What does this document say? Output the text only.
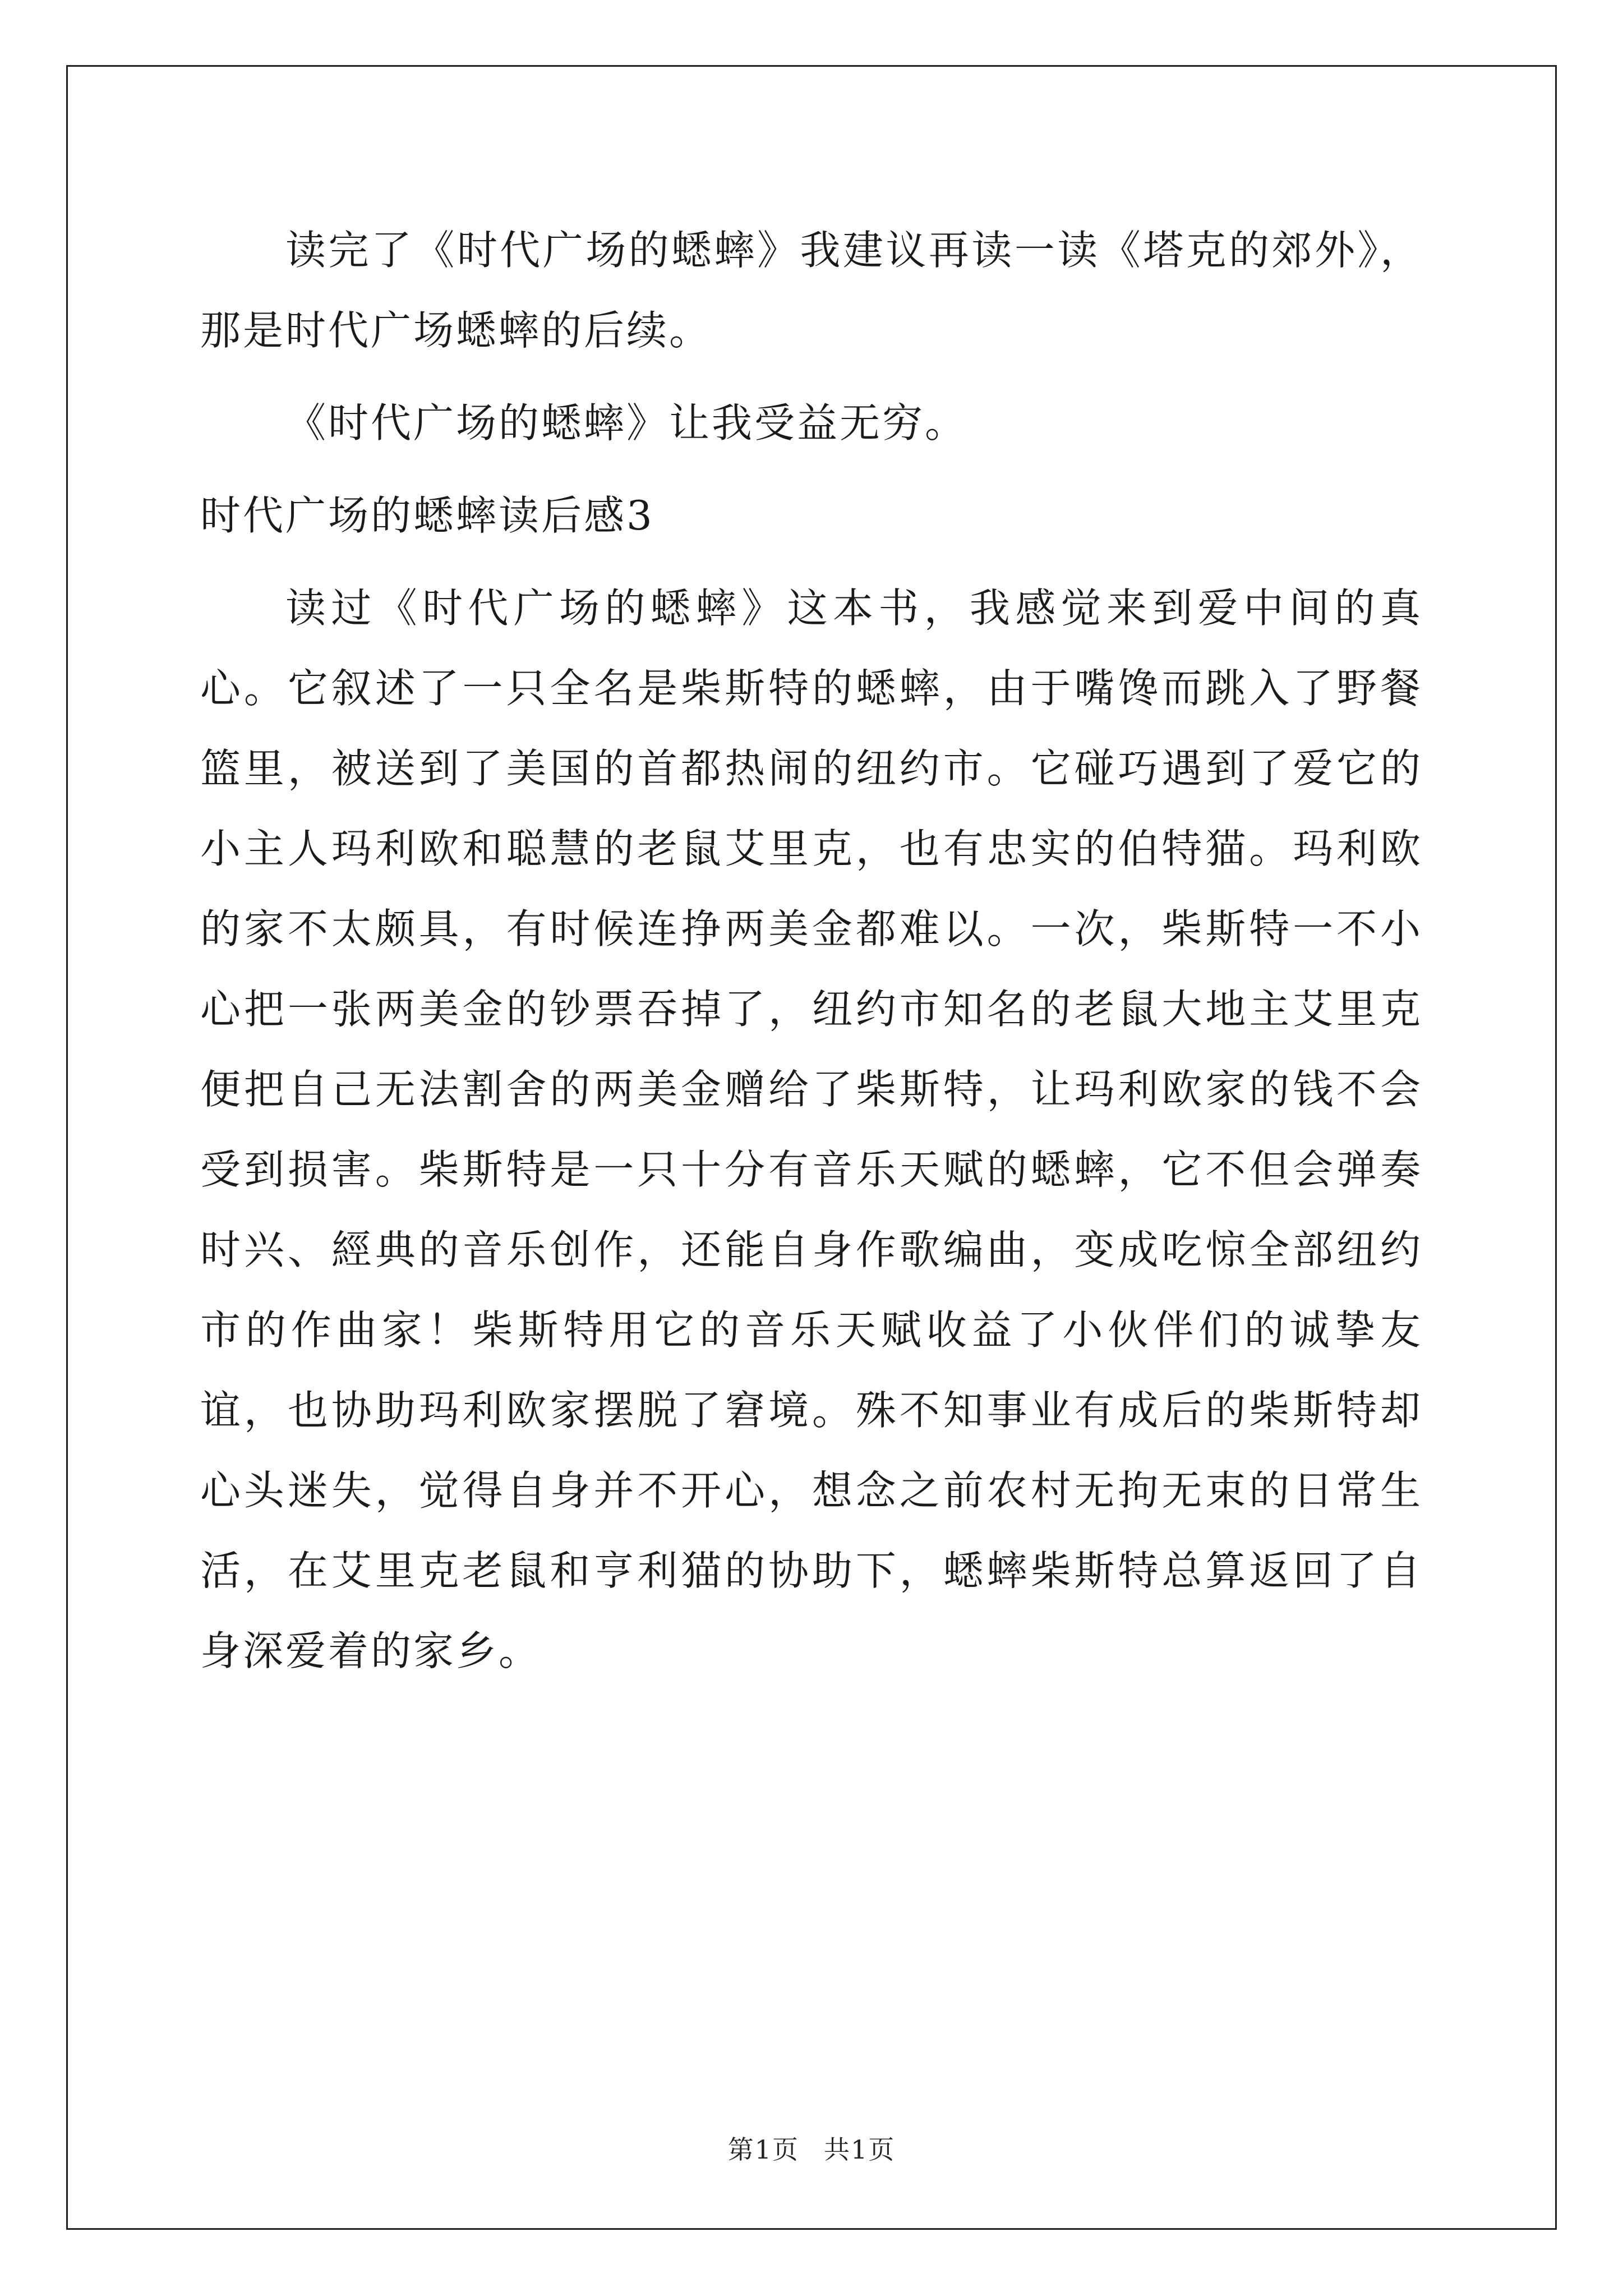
读完了《时代广场的蟋蟀》我建议再读一读《塔克的郊外》，那是时代广场蟋蟀的后续。

《时代广场的蟋蟀》让我受益无穷。

时代广场的蟋蟀读后感3

读过《时代广场的蟋蟀》这本书，我感觉来到爱中间的真心。它叙述了一只全名是柴斯特的蟋蟀，由于嘴馋而跳入了野餐篮里，被送到了美国的首都热闹的纽约市。它碰巧遇到了爱它的小主人玛利欧和聪慧的老鼠艾里克，也有忠实的伯特猫。玛利欧的家不太颇具，有时候连挣两美金都难以。一次，柴斯特一不小心把一张两美金的钞票吞掉了，纽约市知名的老鼠大地主艾里克便把自己无法割舍的两美金赠给了柴斯特，让玛利欧家的钱不会受到损害。柴斯特是一只十分有音乐天赋的蟋蟀，它不但会弹奏时兴、經典的音乐创作，还能自身作歌编曲，变成吃惊全部纽约市的作曲家！柴斯特用它的音乐天赋收益了小伙伴们的诚挚友谊，也协助玛利欧家摆脱了窘境。殊不知事业有成后的柴斯特却心头迷失，觉得自身并不开心，想念之前农村无拘无束的日常生活，在艾里克老鼠和亨利猫的协助下，蟋蟀柴斯特总算返回了自身深爱着的家乡。

第1页 共1页
